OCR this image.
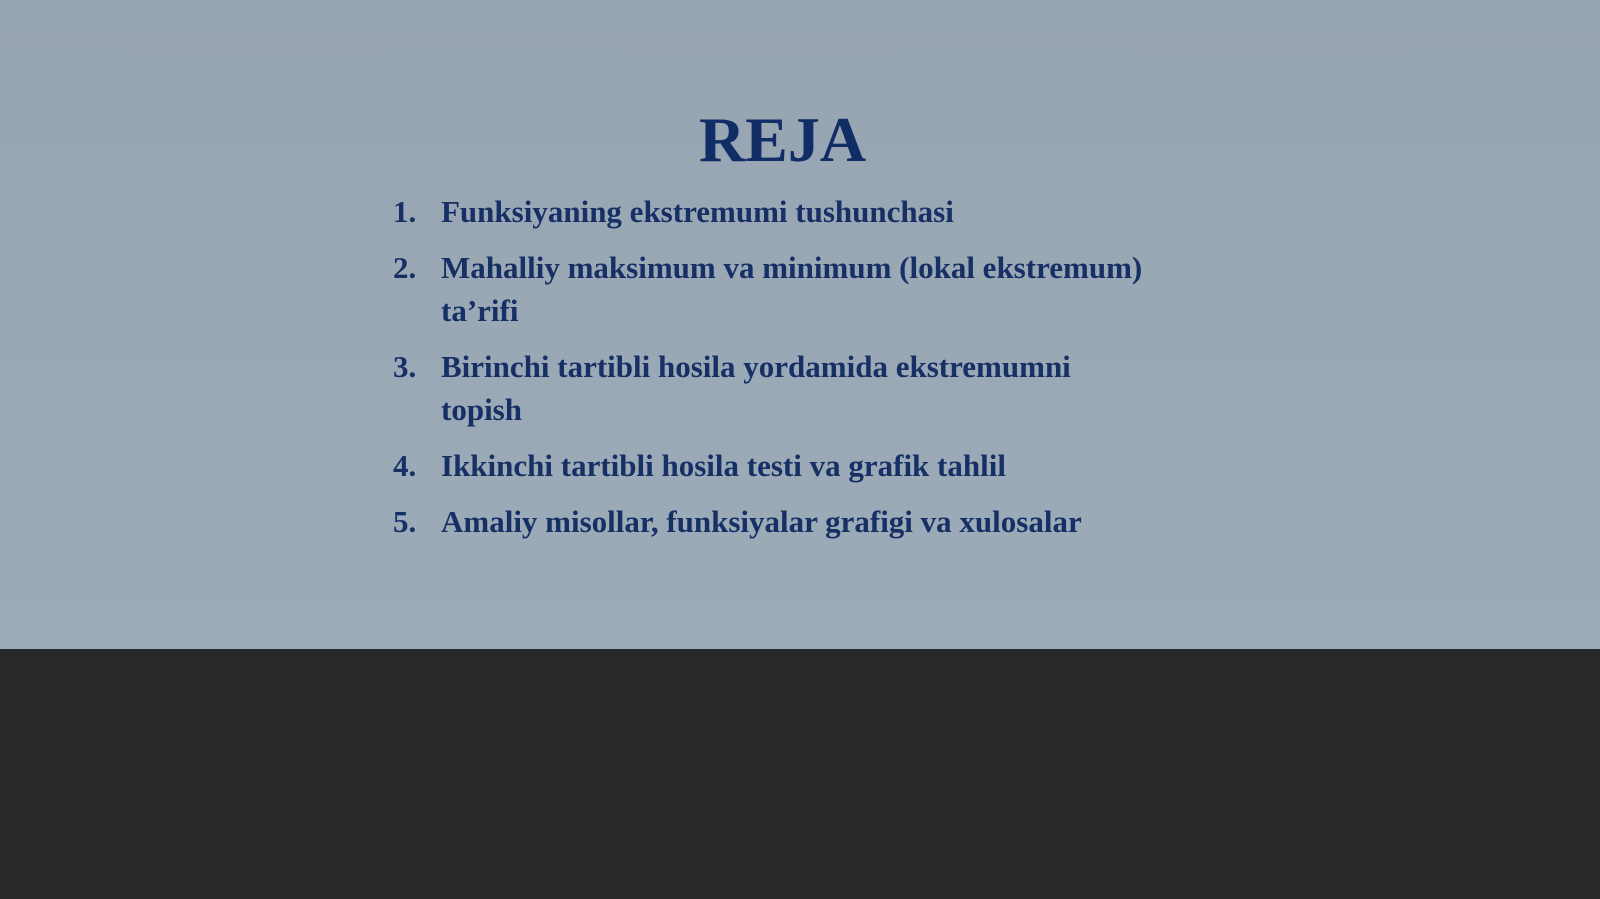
REJA
1. Funksiyaning ekstremumi tushunchasi
2. Mahalliy maksimum va minimum (lokal ekstremum) ta’rifi
3. Birinchi tartibli hosila yordamida ekstremumni topish
4. Ikkinchi tartibli hosila testi va grafik tahlil
5. Amaliy misollar, funksiyalar grafigi va xulosalar
